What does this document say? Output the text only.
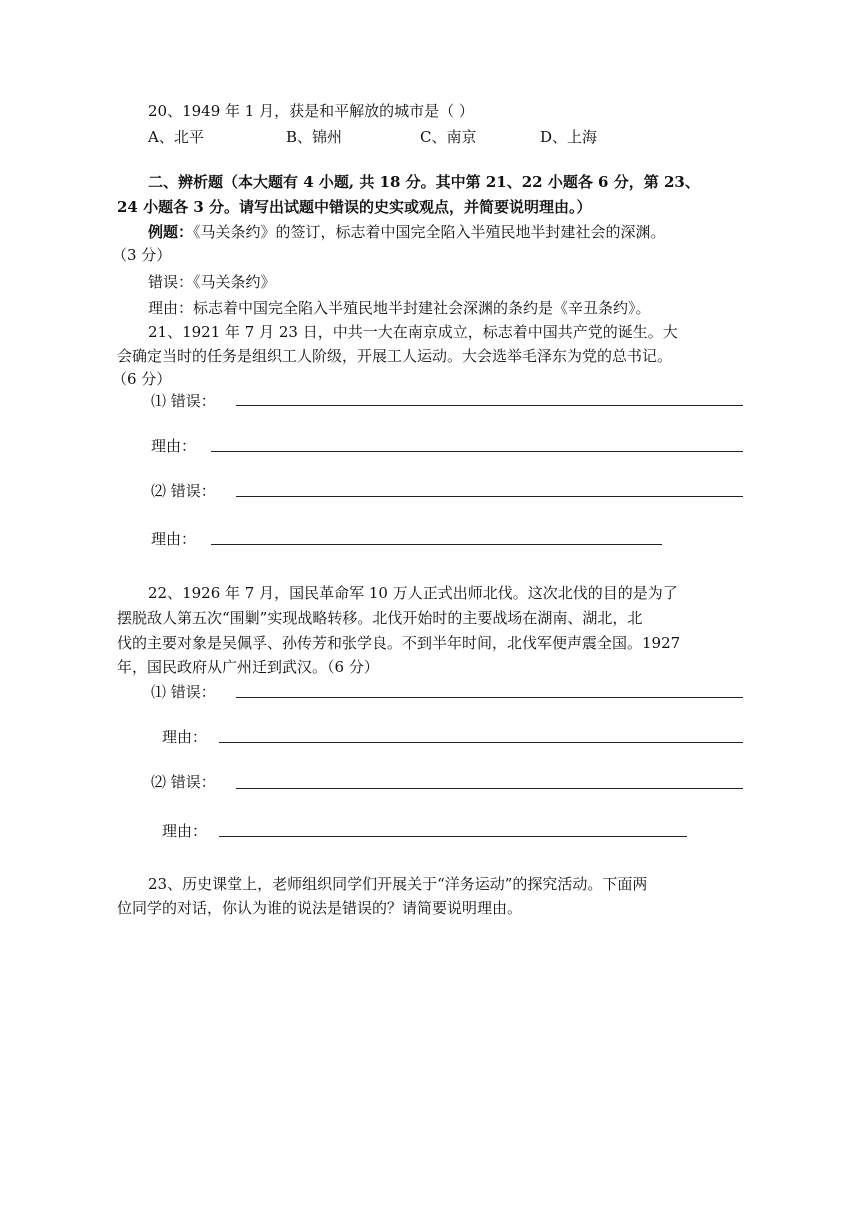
20、1949 年 1 月，获是和平解放的城市是（ ）
A、北平	B、锦州	C、南京	D、上海
二、辨析题（本大题有 4 小题, 共 18 分。其中第 21、22 小题各 6 分，第 23、
24 小题各 3 分。请写出试题中错误的史实或观点，并简要说明理由。）
例题：《马关条约》的签订，标志着中国完全陷入半殖民地半封建社会的深渊。
（3 分）
错误：《马关条约》
理由：标志着中国完全陷入半殖民地半封建社会深渊的条约是《辛丑条约》。
21、1921 年 7 月 23 日，中共一大在南京成立，标志着中国共产党的诞生。大
会确定当时的任务是组织工人阶级，开展工人运动。大会选举毛泽东为党的总书记。
（6 分）
⑴ 错误：
理由：
⑵ 错误：
理由：
22、1926 年 7 月，国民革命军 10 万人正式出师北伐。这次北伐的目的是为了
摆脱敌人第五次“围剿”实现战略转移。北伐开始时的主要战场在湖南、湖北，北
伐的主要对象是吴佩孚、孙传芳和张学良。不到半年时间，北伐军便声震全国。1927
年，国民政府从广州迁到武汉。（6 分）
⑴ 错误：
理由：
⑵ 错误：
理由：
23、历史课堂上，老师组织同学们开展关于“洋务运动”的探究活动。下面两
位同学的对话，你认为谁的说法是错误的？请简要说明理由。
